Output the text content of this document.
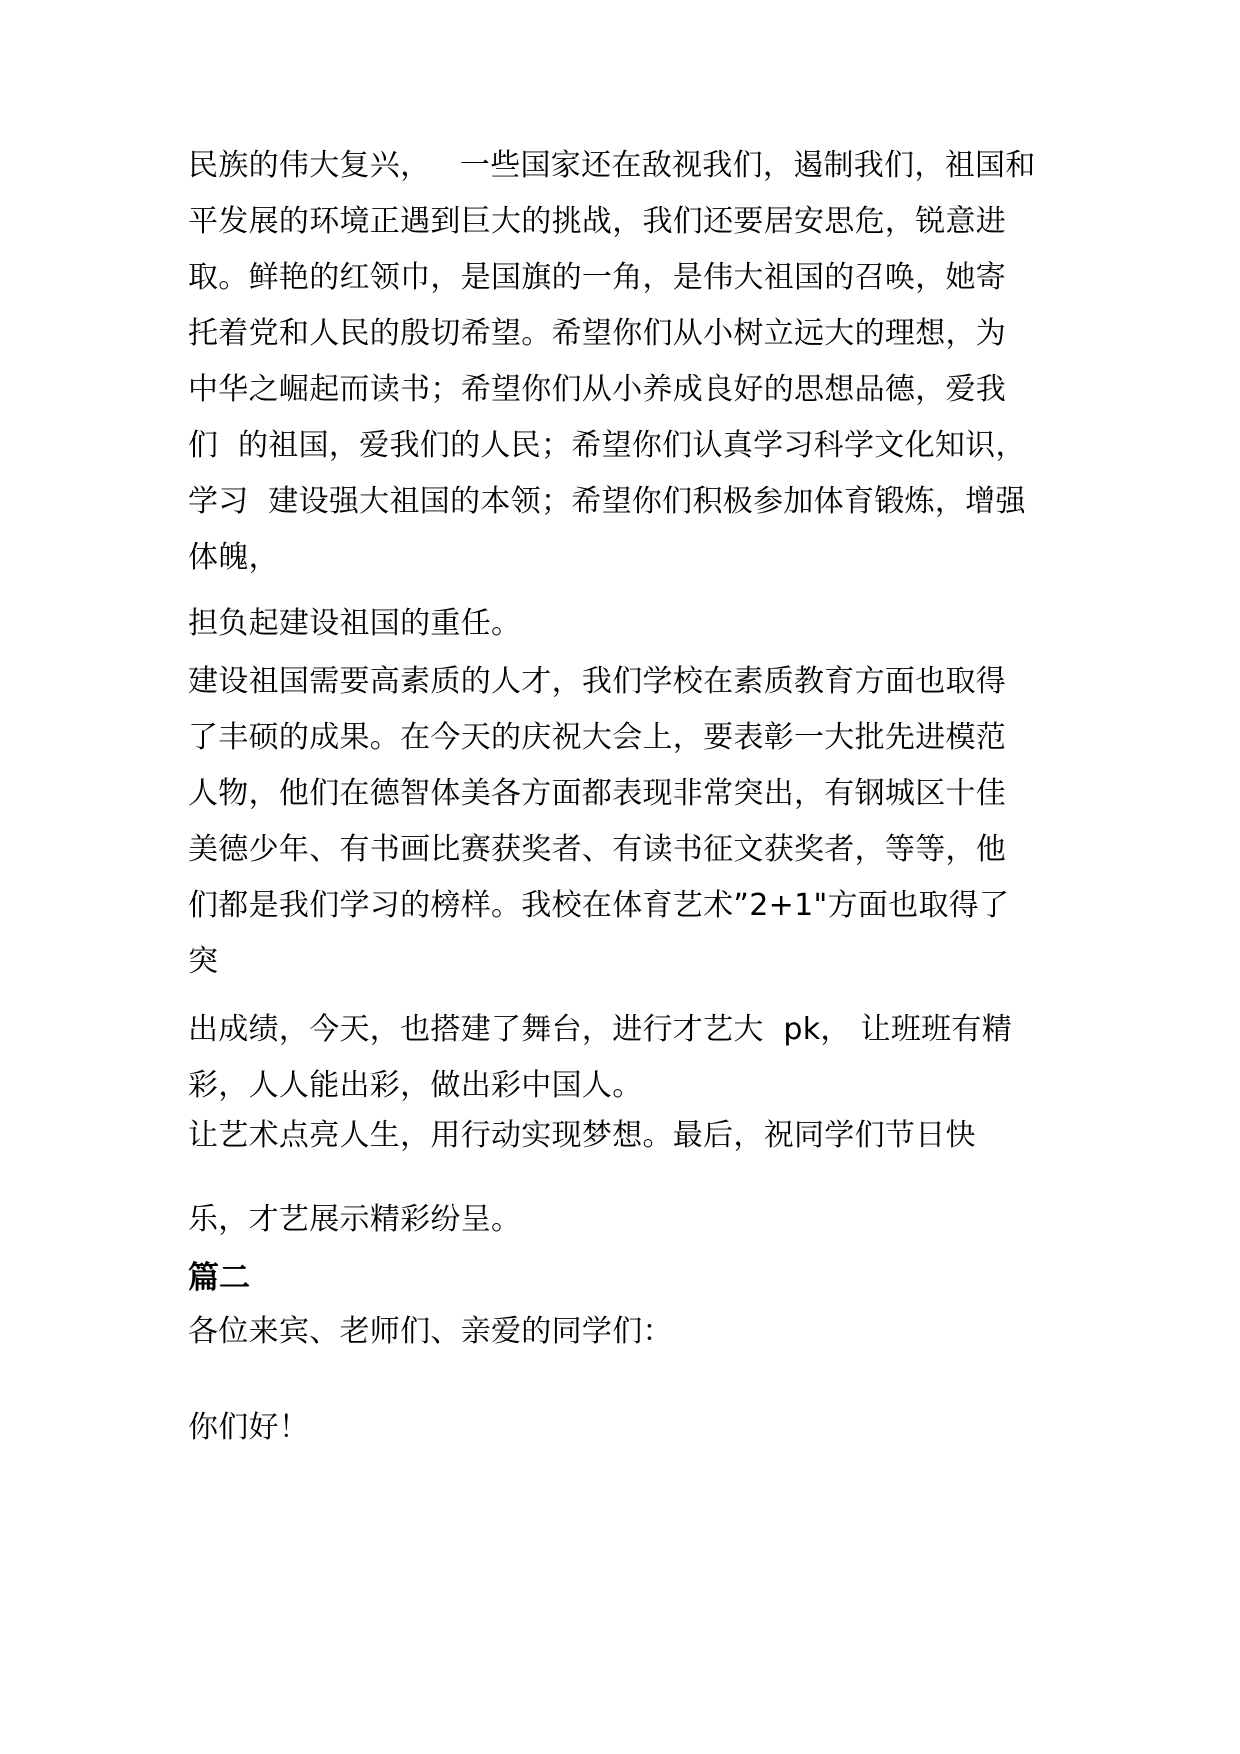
民族的伟大复兴，   一些国家还在敌视我们，遏制我们，祖国和
平发展的环境正遇到巨大的挑战，我们还要居安思危，锐意进
取。鲜艳的红领巾，是国旗的一角，是伟大祖国的召唤，她寄
托着党和人民的殷切希望。希望你们从小树立远大的理想，为
中华之崛起而读书；希望你们从小养成良好的思想品德，爱我
们  的祖国，爱我们的人民；希望你们认真学习科学文化知识，
学习  建设强大祖国的本领；希望你们积极参加体育锻炼，增强
体魄，
担负起建设祖国的重任。
建设祖国需要高素质的人才，我们学校在素质教育方面也取得
了丰硕的成果。在今天的庆祝大会上，要表彰一大批先进模范
人物，他们在德智体美各方面都表现非常突出，有钢城区十佳
美德少年、有书画比赛获奖者、有读书征文获奖者，等等，他
们都是我们学习的榜样。我校在体育艺术”2+1"方面也取得了
突
出成绩，今天，也搭建了舞台，进行才艺大  pk， 让班班有精
彩，人人能出彩，做出彩中国人。
让艺术点亮人生，用行动实现梦想。最后，祝同学们节日快
乐，才艺展示精彩纷呈。
篇二
各位来宾、老师们、亲爱的同学们：
你们好！
